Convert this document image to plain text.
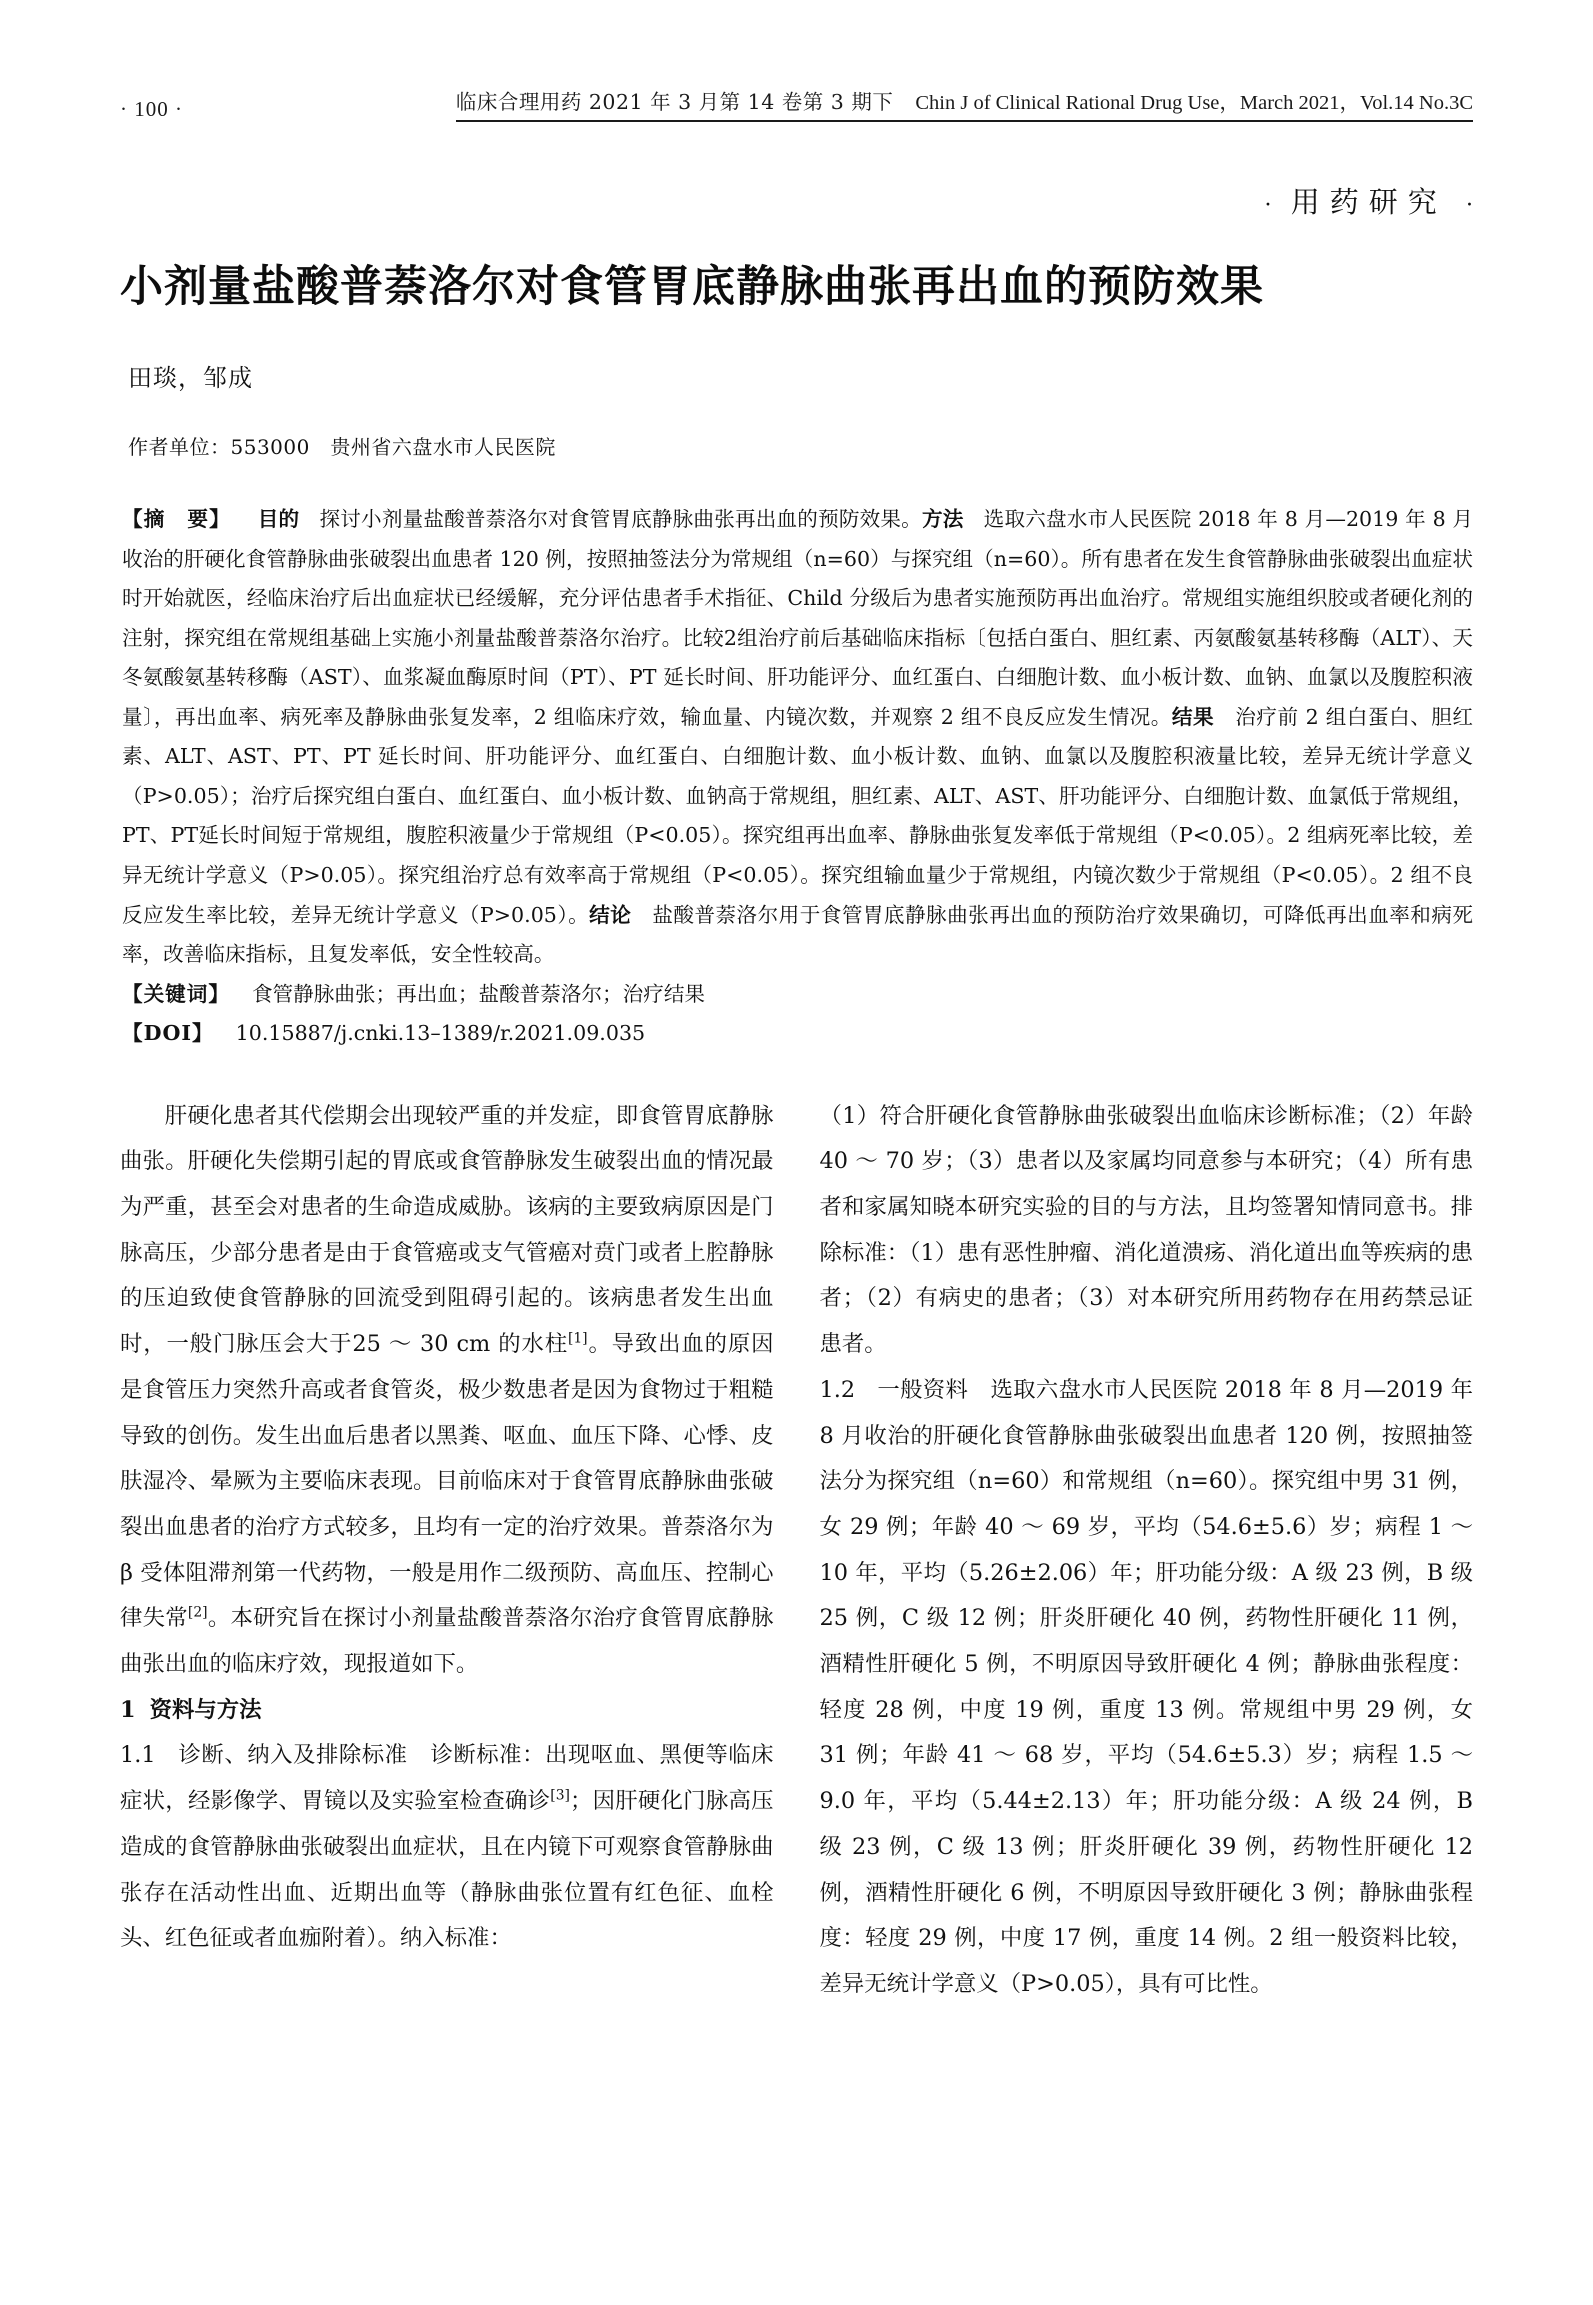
· 100 ·	临床合理用药 2021 年 3 月第 14 卷第 3 期下 Chin J of Clinical Rational Drug Use，March 2021，Vol.14 No.3C
· 用药研究 ·
小剂量盐酸普萘洛尔对食管胃底静脉曲张再出血的预防效果
田琰，邹成
作者单位：553000　贵州省六盘水市人民医院

【摘　要】 目的 探讨小剂量盐酸普萘洛尔对食管胃底静脉曲张再出血的预防效果。方法 选取六盘水市人民医院 2018 年 8 月—2019 年 8 月收治的肝硬化食管静脉曲张破裂出血患者 120 例，按照抽签法分为常规组（n=60）与探究组（n=60）。所有患者在发生食管静脉曲张破裂出血症状时开始就医，经临床治疗后出血症状已经缓解，充分评估患者手术指征、Child 分级后为患者实施预防再出血治疗。常规组实施组织胶或者硬化剂的注射，探究组在常规组基础上实施小剂量盐酸普萘洛尔治疗。比较2组治疗前后基础临床指标〔包括白蛋白、胆红素、丙氨酸氨基转移酶（ALT）、天冬氨酸氨基转移酶（AST）、血浆凝血酶原时间（PT）、PT 延长时间、肝功能评分、血红蛋白、白细胞计数、血小板计数、血钠、血氯以及腹腔积液量〕，再出血率、病死率及静脉曲张复发率，2 组临床疗效，输血量、内镜次数，并观察 2 组不良反应发生情况。结果 治疗前 2 组白蛋白、胆红素、ALT、AST、PT、PT 延长时间、肝功能评分、血红蛋白、白细胞计数、血小板计数、血钠、血氯以及腹腔积液量比较，差异无统计学意义（P>0.05）；治疗后探究组白蛋白、血红蛋白、血小板计数、血钠高于常规组，胆红素、ALT、AST、肝功能评分、白细胞计数、血氯低于常规组，PT、PT延长时间短于常规组，腹腔积液量少于常规组（P<0.05）。探究组再出血率、静脉曲张复发率低于常规组（P<0.05）。2 组病死率比较，差异无统计学意义（P>0.05）。探究组治疗总有效率高于常规组（P<0.05）。探究组输血量少于常规组，内镜次数少于常规组（P<0.05）。2 组不良反应发生率比较，差异无统计学意义（P>0.05）。结论 盐酸普萘洛尔用于食管胃底静脉曲张再出血的预防治疗效果确切，可降低再出血率和病死率，改善临床指标，且复发率低，安全性较高。

【关键词】 食管静脉曲张；再出血；盐酸普萘洛尔；治疗结果

【DOI】 10.15887/j.cnki.13–1389/r.2021.09.035

肝硬化患者其代偿期会出现较严重的并发症，即食管胃底静脉曲张。肝硬化失偿期引起的胃底或食管静脉发生破裂出血的情况最为严重，甚至会对患者的生命造成威胁。该病的主要致病原因是门脉高压，少部分患者是由于食管癌或支气管癌对贲门或者上腔静脉的压迫致使食管静脉的回流受到阻碍引起的。该病患者发生出血时，一般门脉压会大于25 ～ 30 cm 的水柱[1]。导致出血的原因是食管压力突然升高或者食管炎，极少数患者是因为食物过于粗糙导致的创伤。发生出血后患者以黑粪、呕血、血压下降、心悸、皮肤湿冷、晕厥为主要临床表现。目前临床对于食管胃底静脉曲张破裂出血患者的治疗方式较多，且均有一定的治疗效果。普萘洛尔为 β 受体阻滞剂第一代药物，一般是用作二级预防、高血压、控制心律失常[2]。本研究旨在探讨小剂量盐酸普萘洛尔治疗食管胃底静脉曲张出血的临床疗效，现报道如下。

1 资料与方法

1.1 诊断、纳入及排除标准 诊断标准：出现呕血、黑便等临床症状，经影像学、胃镜以及实验室检查确诊[3]；因肝硬化门脉高压造成的食管静脉曲张破裂出血症状，且在内镜下可观察食管静脉曲张存在活动性出血、近期出血等（静脉曲张位置有红色征、血栓头、红色征或者血痂附着）。纳入标准：

（1）符合肝硬化食管静脉曲张破裂出血临床诊断标准；（2）年龄 40 ～ 70 岁；（3）患者以及家属均同意参与本研究；（4）所有患者和家属知晓本研究实验的目的与方法，且均签署知情同意书。排除标准：（1）患有恶性肿瘤、消化道溃疡、消化道出血等疾病的患者；（2）有病史的患者；（3）对本研究所用药物存在用药禁忌证患者。

1.2 一般资料 选取六盘水市人民医院 2018 年 8 月—2019 年 8 月收治的肝硬化食管静脉曲张破裂出血患者 120 例，按照抽签法分为探究组（n=60）和常规组（n=60）。探究组中男 31 例，女 29 例；年龄 40 ～ 69 岁，平均（54.6±5.6）岁；病程 1 ～ 10 年，平均（5.26±2.06）年；肝功能分级：A 级 23 例，B 级 25 例，C 级 12 例；肝炎肝硬化 40 例，药物性肝硬化 11 例，酒精性肝硬化 5 例，不明原因导致肝硬化 4 例；静脉曲张程度：轻度 28 例，中度 19 例，重度 13 例。常规组中男 29 例，女 31 例；年龄 41 ～ 68 岁，平均（54.6±5.3）岁；病程 1.5 ～ 9.0 年，平均（5.44±2.13）年；肝功能分级：A 级 24 例，B 级 23 例，C 级 13 例；肝炎肝硬化 39 例，药物性肝硬化 12 例，酒精性肝硬化 6 例，不明原因导致肝硬化 3 例；静脉曲张程度：轻度 29 例，中度 17 例，重度 14 例。2 组一般资料比较，差异无统计学意义（P>0.05），具有可比性。
